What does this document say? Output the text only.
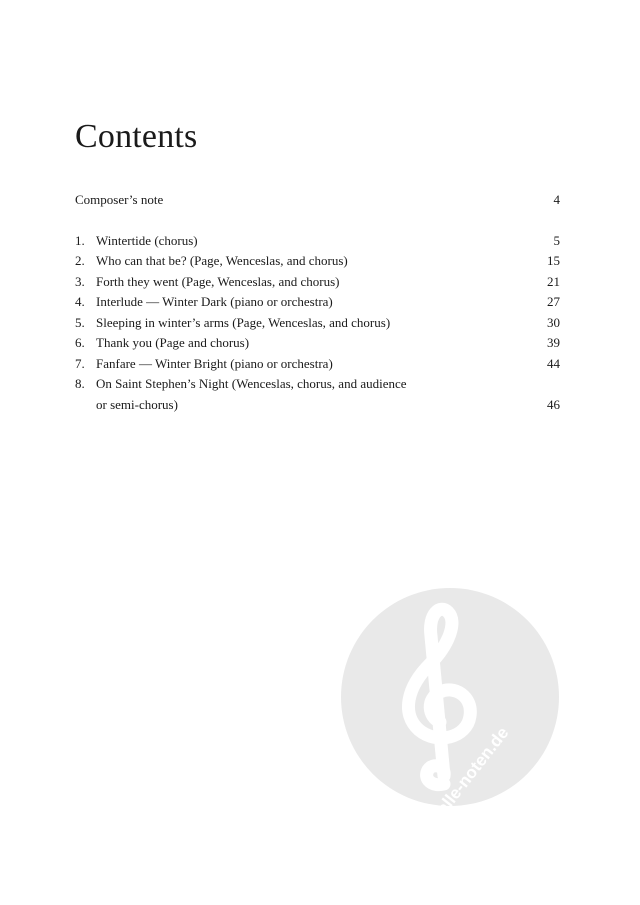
Contents
Composer’s note	4
1. Wintertide (chorus)	5
2. Who can that be? (Page, Wenceslas, and chorus)	15
3. Forth they went (Page, Wenceslas, and chorus)	21
4. Interlude — Winter Dark (piano or orchestra)	27
5. Sleeping in winter’s arms (Page, Wenceslas, and chorus)	30
6. Thank you (Page and chorus)	39
7. Fanfare — Winter Bright (piano or orchestra)	44
8. On Saint Stephen’s Night (Wenceslas, chorus, and audience
or semi-chorus)	46
alle-noten.de
